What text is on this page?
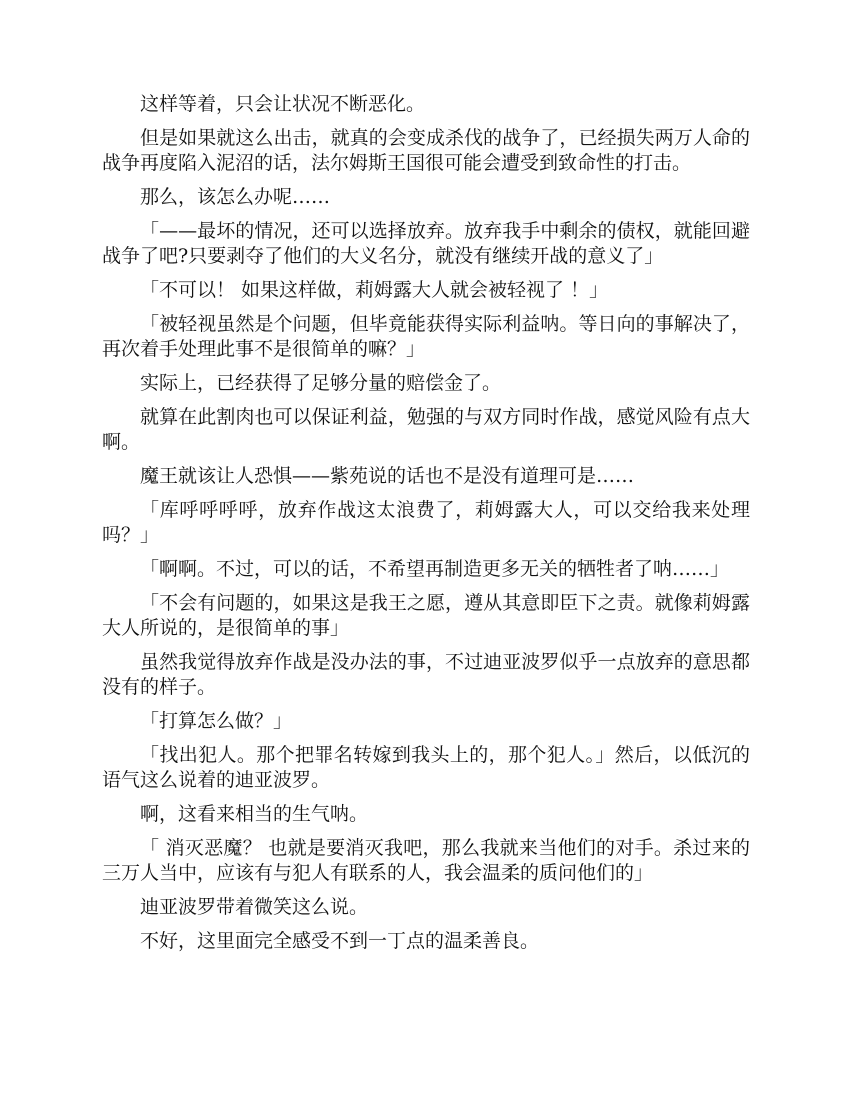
这样等着，只会让状况不断恶化。

但是如果就这么出击，就真的会变成杀伐的战争了，已经损失两万人命的战争再度陷入泥沼的话，法尔姆斯王国很可能会遭受到致命性的打击。

那么，该怎么办呢……

「——最坏的情况，还可以选择放弃。放弃我手中剩余的债权，就能回避战争了吧?只要剥夺了他们的大义名分，就没有继续开战的意义了」

「不可以！ 如果这样做，莉姆露大人就会被轻视了 ！」

「被轻视虽然是个问题，但毕竟能获得实际利益呐。等日向的事解决了，再次着手处理此事不是很简单的嘛？」

实际上，已经获得了足够分量的赔偿金了。

就算在此割肉也可以保证利益，勉强的与双方同时作战，感觉风险有点大啊。

魔王就该让人恐惧——紫苑说的话也不是没有道理可是……

「库呼呼呼呼，放弃作战这太浪费了，莉姆露大人，可以交给我来处理吗？」

「啊啊。不过，可以的话，不希望再制造更多无关的牺牲者了呐……」

「不会有问题的，如果这是我王之愿，遵从其意即臣下之责。就像莉姆露大人所说的，是很简单的事」

虽然我觉得放弃作战是没办法的事，不过迪亚波罗似乎一点放弃的意思都没有的样子。

「打算怎么做？」

「找出犯人。那个把罪名转嫁到我头上的，那个犯人。」然后，以低沉的语气这么说着的迪亚波罗。

啊，这看来相当的生气呐。

「 消灭恶魔？ 也就是要消灭我吧，那么我就来当他们的对手。杀过来的三万人当中，应该有与犯人有联系的人，我会温柔的质问他们的」

迪亚波罗带着微笑这么说。

不好，这里面完全感受不到一丁点的温柔善良。
